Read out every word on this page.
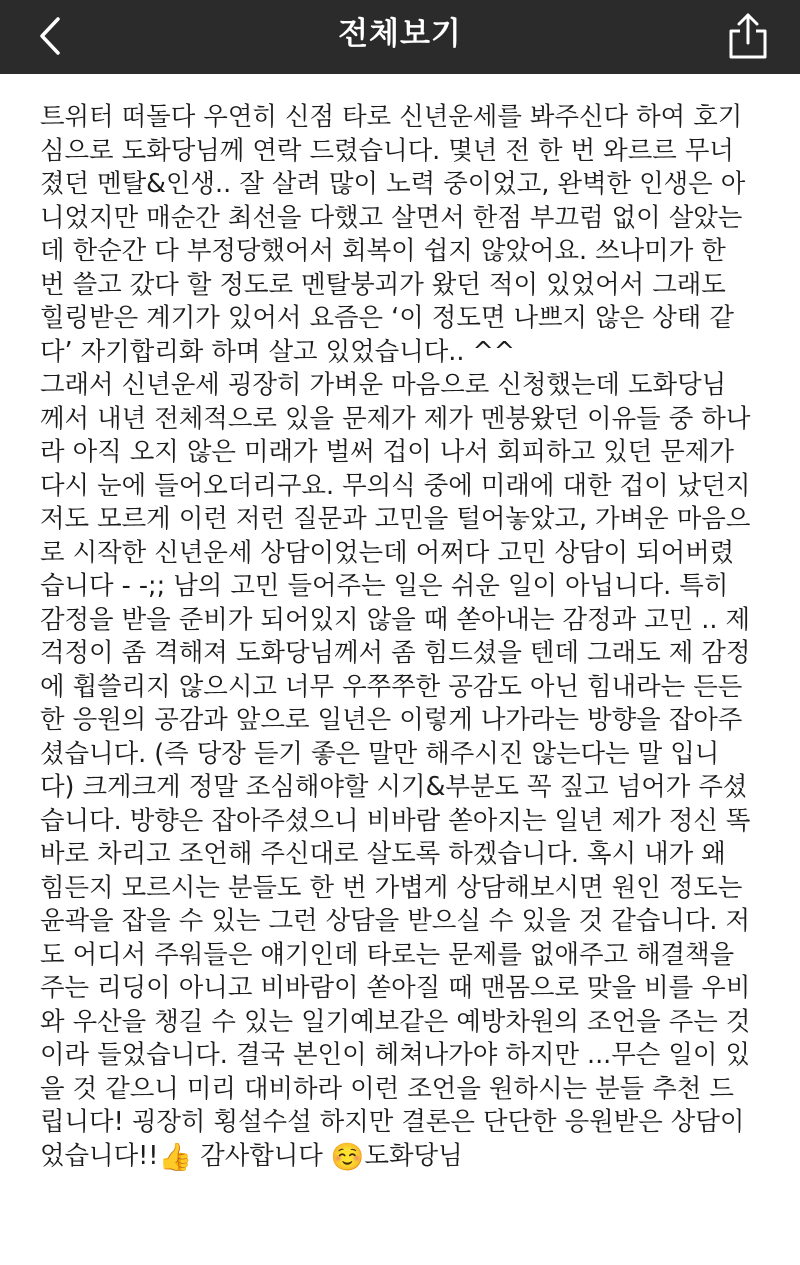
전체보기
트위터 떠돌다 우연히 신점 타로 신년운세를 봐주신다 하여 호기
심으로 도화당님께 연락 드렸습니다. 몇년 전 한 번 와르르 무너
졌던 멘탈&인생.. 잘 살려 많이 노력 중이었고, 완벽한 인생은 아
니었지만 매순간 최선을 다했고 살면서 한점 부끄럼 없이 살았는
데 한순간 다 부정당했어서 회복이 쉽지 않았어요. 쓰나미가 한
번 쓸고 갔다 할 정도로 멘탈붕괴가 왔던 적이 있었어서 그래도
힐링받은 계기가 있어서 요즘은 ‘이 정도면 나쁘지 않은 상태 같
다’ 자기합리화 하며 살고 있었습니다.. ^^
그래서 신년운세 굉장히 가벼운 마음으로 신청했는데 도화당님
께서 내년 전체적으로 있을 문제가 제가 멘붕왔던 이유들 중 하나
라 아직 오지 않은 미래가 벌써 겁이 나서 회피하고 있던 문제가
다시 눈에 들어오더리구요. 무의식 중에 미래에 대한 겁이 났던지
저도 모르게 이런 저런 질문과 고민을 털어놓았고, 가벼운 마음으
로 시작한 신년운세 상담이었는데 어쩌다 고민 상담이 되어버렸
습니다 - -;; 남의 고민 들어주는 일은 쉬운 일이 아닙니다. 특히
감정을 받을 준비가 되어있지 않을 때 쏟아내는 감정과 고민 .. 제
걱정이 좀 격해져 도화당님께서 좀 힘드셨을 텐데 그래도 제 감정
에 휩쓸리지 않으시고 너무 우쭈쭈한 공감도 아닌 힘내라는 든든
한 응원의 공감과 앞으로 일년은 이렇게 나가라는 방향을 잡아주
셨습니다. (즉 당장 듣기 좋은 말만 해주시진 않는다는 말 입니
다) 크게크게 정말 조심해야할 시기&부분도 꼭 짚고 넘어가 주셨
습니다. 방향은 잡아주셨으니 비바람 쏟아지는 일년 제가 정신 똑
바로 차리고 조언해 주신대로 살도록 하겠습니다. 혹시 내가 왜
힘든지 모르시는 분들도 한 번 가볍게 상담해보시면 원인 정도는
윤곽을 잡을 수 있는 그런 상담을 받으실 수 있을 것 같습니다. 저
도 어디서 주워들은 얘기인데 타로는 문제를 없애주고 해결책을
주는 리딩이 아니고 비바람이 쏟아질 때 맨몸으로 맞을 비를 우비
와 우산을 챙길 수 있는 일기예보같은 예방차원의 조언을 주는 것
이라 들었습니다. 결국 본인이 헤쳐나가야 하지만 ...무슨 일이 있
을 것 같으니 미리 대비하라 이런 조언을 원하시는 분들 추천 드
립니다! 굉장히 횡설수설 하지만 결론은 단단한 응원받은 상담이
었습니다!!👍 감사합니다 ☺️도화당님
